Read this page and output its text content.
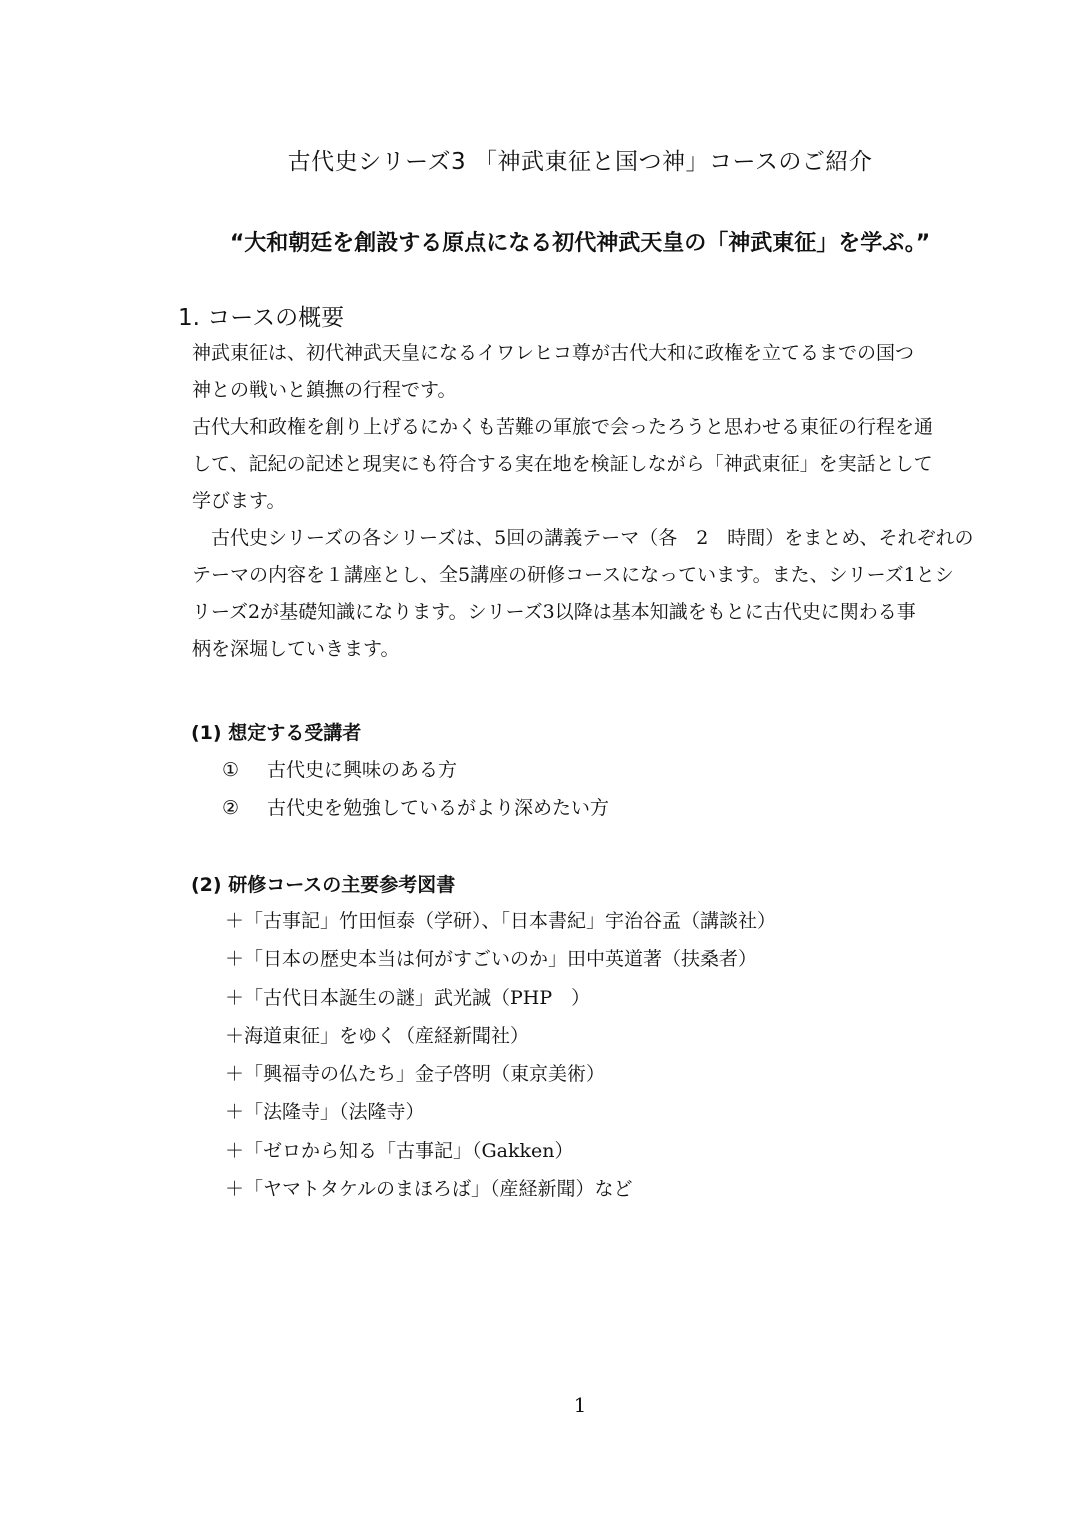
古代史シリーズ3 「神武東征と国つ神」コースのご紹介
“大和朝廷を創設する原点になる初代神武天皇の「神武東征」を学ぶ。”
1. コースの概要
神武東征は、初代神武天皇になるイワレヒコ尊が古代大和に政権を立てるまでの国つ
神との戦いと鎮撫の行程です。
古代大和政権を創り上げるにかくも苦難の軍旅で会ったろうと思わせる東征の行程を通
して、記紀の記述と現実にも符合する実在地を検証しながら「神武東征」を実話として
学びます。
　古代史シリーズの各シリーズは、5回の講義テーマ（各　2　時間）をまとめ、それぞれの
テーマの内容を１講座とし、全5講座の研修コースになっています。また、シリーズ1とシ
リーズ2が基礎知識になります。シリーズ3以降は基本知識をもとに古代史に関わる事
柄を深堀していきます。
(1) 想定する受講者
① 古代史に興味のある方
② 古代史を勉強しているがより深めたい方
(2) 研修コースの主要参考図書
＋「古事記」竹田恒泰（学研）、「日本書紀」宇治谷孟（講談社）
＋「日本の歴史本当は何がすごいのか」田中英道著（扶桑者）
＋「古代日本誕生の謎」武光誠（PHP　）
＋海道東征」をゆく（産経新聞社）
＋「興福寺の仏たち」金子啓明（東京美術）
＋「法隆寺」（法隆寺）
＋「ゼロから知る「古事記」（Gakken）
＋「ヤマトタケルのまほろば」（産経新聞）など
1
